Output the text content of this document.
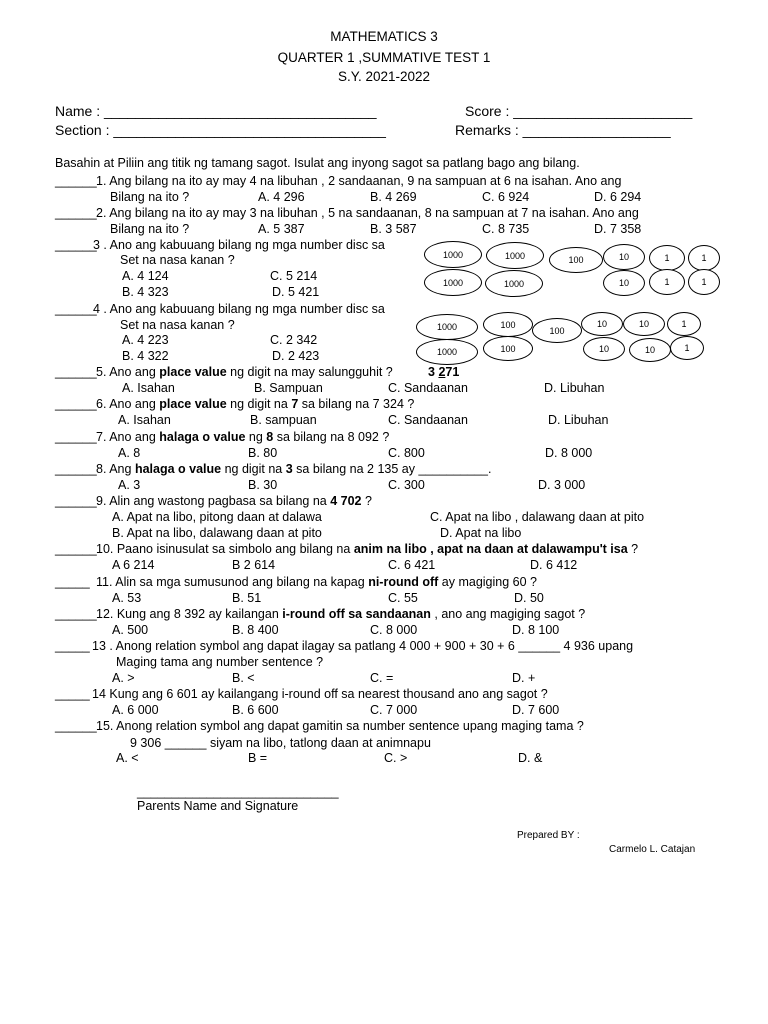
MATHEMATICS 3
QUARTER 1 ,SUMMATIVE TEST 1
S.Y. 2021-2022
Name : ___________________________________
Section : ___________________________________
Score : _______________________
Remarks : ___________________
Basahin at Piliin ang titik ng tamang sagot. Isulat ang inyong sagot sa patlang bago ang bilang.
______ 1. Ang bilang na ito ay may 4 na libuhan , 2 sandaanan, 9 na sampuan at 6 na isahan. Ano ang
Bilang na ito ?	A. 4 296	B. 4 269	C. 6 924	D. 6 294
______ 2. Ang bilang na ito ay may 3 na libuhan , 5 na sandaanan, 8 na sampuan at 7 na isahan. Ano ang
Bilang na ito ?	A. 5 387	B. 3 587	C. 8 735	D. 7 358
______
3 . Ano ang kabuuang bilang ng mga number disc sa
Set na nasa kanan ?
A. 4 124	C. 5 214
B. 4 323	D. 5 421
1000	1000
1000	1000
100	10	1	1
10	1	1
______
4 . Ano ang kabuuang bilang ng mga number disc sa
Set na nasa kanan ?
A. 4 223	C. 2 342
B. 4 322	D. 2 423
1000
1000
100
100
100
10	10	1
10	10	1
______ 5. Ano ang place value ng digit na may salungguhit ?	3 271
A. Isahan	B. Sampuan	C. Sandaanan	D. Libuhan
______ 6. Ano ang place value ng digit na 7 sa bilang na 7 324 ?
A. Isahan	B. sampuan	C. Sandaanan	D. Libuhan
______ 7. Ano ang halaga o value ng 8 sa bilang na 8 092 ?
A. 8	B. 80	C. 800	D. 8 000
______ 8. Ang halaga o value ng digit na 3 sa bilang na 2 135 ay __________.
A. 3	B. 30	C. 300	D. 3 000
______ 9. Alin ang wastong pagbasa sa bilang na 4 702 ?
A. Apat na libo, pitong daan at dalawa	C. Apat na libo , dalawang daan at pito
B. Apat na libo, dalawang daan at pito	D. Apat na libo
______ 10. Paano isinusulat sa simbolo ang bilang na anim na libo , apat na daan at dalawampu't isa ?
A 6 214	B 2 614	C. 6 421	D. 6 412
_____ 11. Alin sa mga sumusunod ang bilang na kapag ni-round off ay magiging 60 ?
A. 53	B. 51	C. 55	D. 50
______ 12. Kung ang 8 392 ay kailangan i-round off sa sandaanan , ano ang magiging sagot ?
A. 500	B. 8 400	C. 8 000	D. 8 100
_____ 13 . Anong relation symbol ang dapat ilagay sa patlang 4 000 + 900 + 30 + 6 ______ 4 936 upang
Maging tama ang number sentence ?
A. >	B. <	C. =	D. +
_____ 14 Kung ang 6 601 ay kailangang i-round off sa nearest thousand ano ang sagot ?
A. 6 000	B. 6 600	C. 7 000	D. 7 600
______ 15. Anong relation symbol ang dapat gamitin sa number sentence upang maging tama ?
9 306 ______ siyam na libo, tatlong daan at animnapu
A. <	B =	C. >	D. &
_____________________________
Parents Name and Signature
Prepared BY :
Carmelo L. Catajan
